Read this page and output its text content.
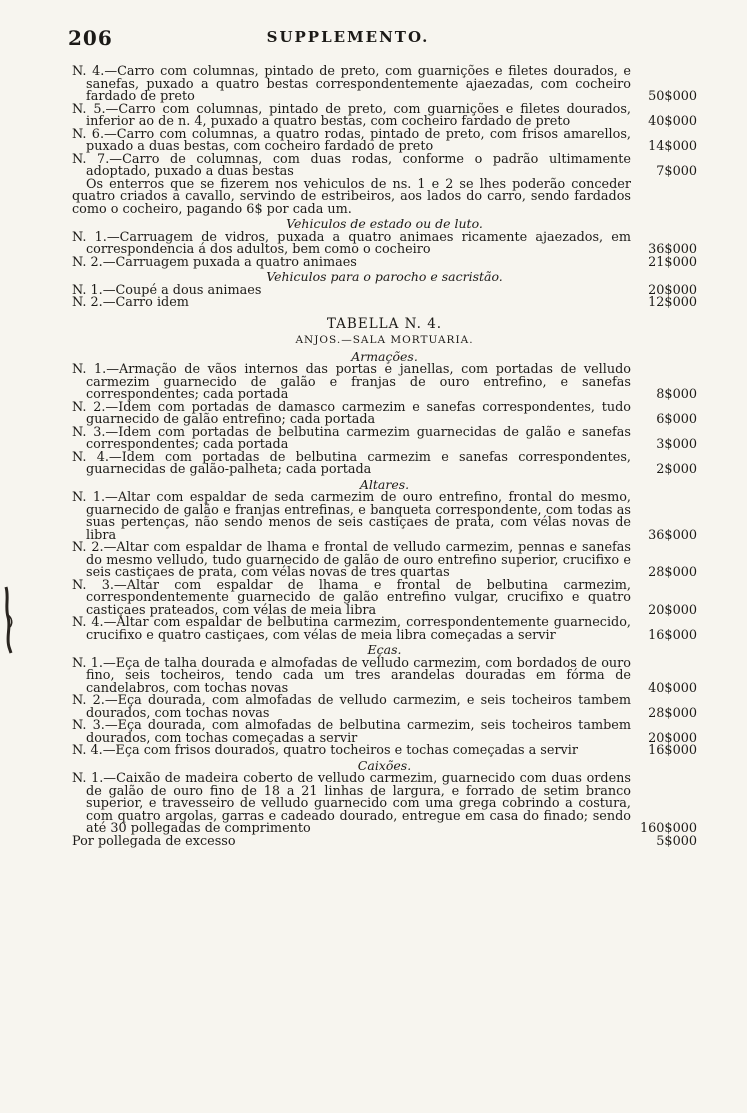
206	SUPPLEMENTO.
N. 4.—Carro com columnas, pintado de preto, com guarnições e filetes dourados, e sanefas, puxado a quatro bestas correspondentemente ajaezadas, com cocheiro fardado de preto	50$000
N. 5.—Carro com columnas, pintado de preto, com guarnições e filetes dourados, inferior ao de n. 4, puxado a quatro bestas, com cocheiro fardado de preto	40$000
N. 6.—Carro com columnas, a quatro rodas, pintado de preto, com frisos amarellos, puxado a duas bestas, com cocheiro fardado de preto	14$000
N. 7.—Carro de columnas, com duas rodas, conforme o padrão ultimamente adoptado, puxado a duas bestas	7$000
Os enterros que se fizerem nos vehiculos de ns. 1 e 2 se lhes poderão conceder quatro criados a cavallo, servindo de estribeiros, aos lados do carro, sendo fardados como o cocheiro, pagando 6$ por cada um.
Vehiculos de estado ou de luto.
N. 1.—Carruagem de vidros, puxada a quatro animaes ricamente ajaezados, em correspondencia á dos adultos, bem como o cocheiro	36$000
N. 2.—Carruagem puxada a quatro animaes	21$000
Vehiculos para o parocho e sacristão.
N. 1.—Coupé a dous animaes	20$000
N. 2.—Carro idem	12$000
TABELLA N. 4.
ANJOS.—SALA MORTUARIA.
Armações.
N. 1.—Armação de vãos internos das portas e janellas, com portadas de velludo carmezim guarnecido de galão e franjas de ouro entrefino, e sanefas correspondentes; cada portada	8$000
N. 2.—Idem com portadas de damasco carmezim e sanefas correspondentes, tudo guarnecido de galão entrefino; cada portada	6$000
N. 3.—Idem com portadas de belbutina carmezim guarnecidas de galão e sanefas correspondentes; cada portada	3$000
N. 4.—Idem com portadas de belbutina carmezim e sanefas correspondentes, guarnecidas de galão-palheta; cada portada	2$000
Altares.
N. 1.—Altar com espaldar de seda carmezim de ouro entrefino, frontal do mesmo, guarnecido de galão e franjas entrefinas, e banqueta correspondente, com todas as suas pertenças, não sendo menos de seis castiçaes de prata, com vélas novas de libra	36$000
N. 2.—Altar com espaldar de lhama e frontal de velludo carmezim, pennas e sanefas do mesmo velludo, tudo guarnecido de galão de ouro entrefino superior, crucifixo e seis castiçaes de prata, com vélas novas de tres quartas	28$000
N. 3.—Altar com espaldar de lhama e frontal de belbutina carmezim, correspondentemente guarnecido de galão entrefino vulgar, crucifixo e quatro castiçaes prateados, com vélas de meia libra	20$000
N. 4.—Altar com espaldar de belbutina carmezim, correspondentemente guarnecido, crucifixo e quatro castiçaes, com vélas de meia libra começadas a servir	16$000
Eças.
N. 1.—Eça de talha dourada e almofadas de velludo carmezim, com bordados de ouro fino, seis tocheiros, tendo cada um tres arandelas douradas em fórma de candelabros, com tochas novas	40$000
N. 2.—Eça dourada, com almofadas de velludo carmezim, e seis tocheiros tambem dourados, com tochas novas	28$000
N. 3.—Eça dourada, com almofadas de belbutina carmezim, seis tocheiros tambem dourados, com tochas começadas a servir	20$000
N. 4.—Eça com frisos dourados, quatro tocheiros e tochas começadas a servir	16$000
Caixões.
N. 1.—Caixão de madeira coberto de velludo carmezim, guarnecido com duas ordens de galão de ouro fino de 18 a 21 linhas de largura, e forrado de setim branco superior, e travesseiro de velludo guarnecido com uma grega cobrindo a costura, com quatro argolas, garras e cadeado dourado, entregue em casa do finado; sendo até 30 pollegadas de comprimento	160$000
Por pollegada de excesso	5$000
